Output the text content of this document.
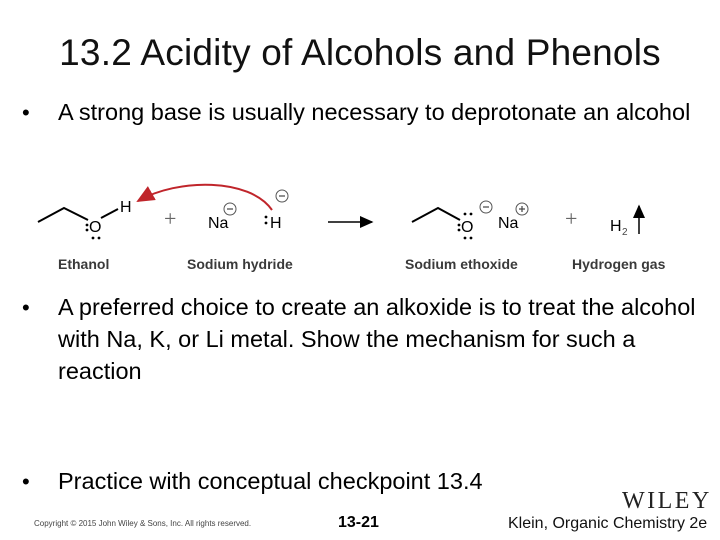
13.2 Acidity of Alcohols and Phenols
•	A strong base is usually necessary to deprotonate an alcohol
O
H + Na	H	O Na + H 2
Ethanol	Sodium hydride	Sodium ethoxide	Hydrogen gas
•	A preferred choice to create an alkoxide is to treat the alcohol with Na, K, or Li metal. Show the mechanism for such a reaction
•	Practice with conceptual checkpoint 13.4
Copyright © 2015 John Wiley & Sons, Inc. All rights reserved.	13-21
WILEY
Klein, Organic Chemistry 2e
